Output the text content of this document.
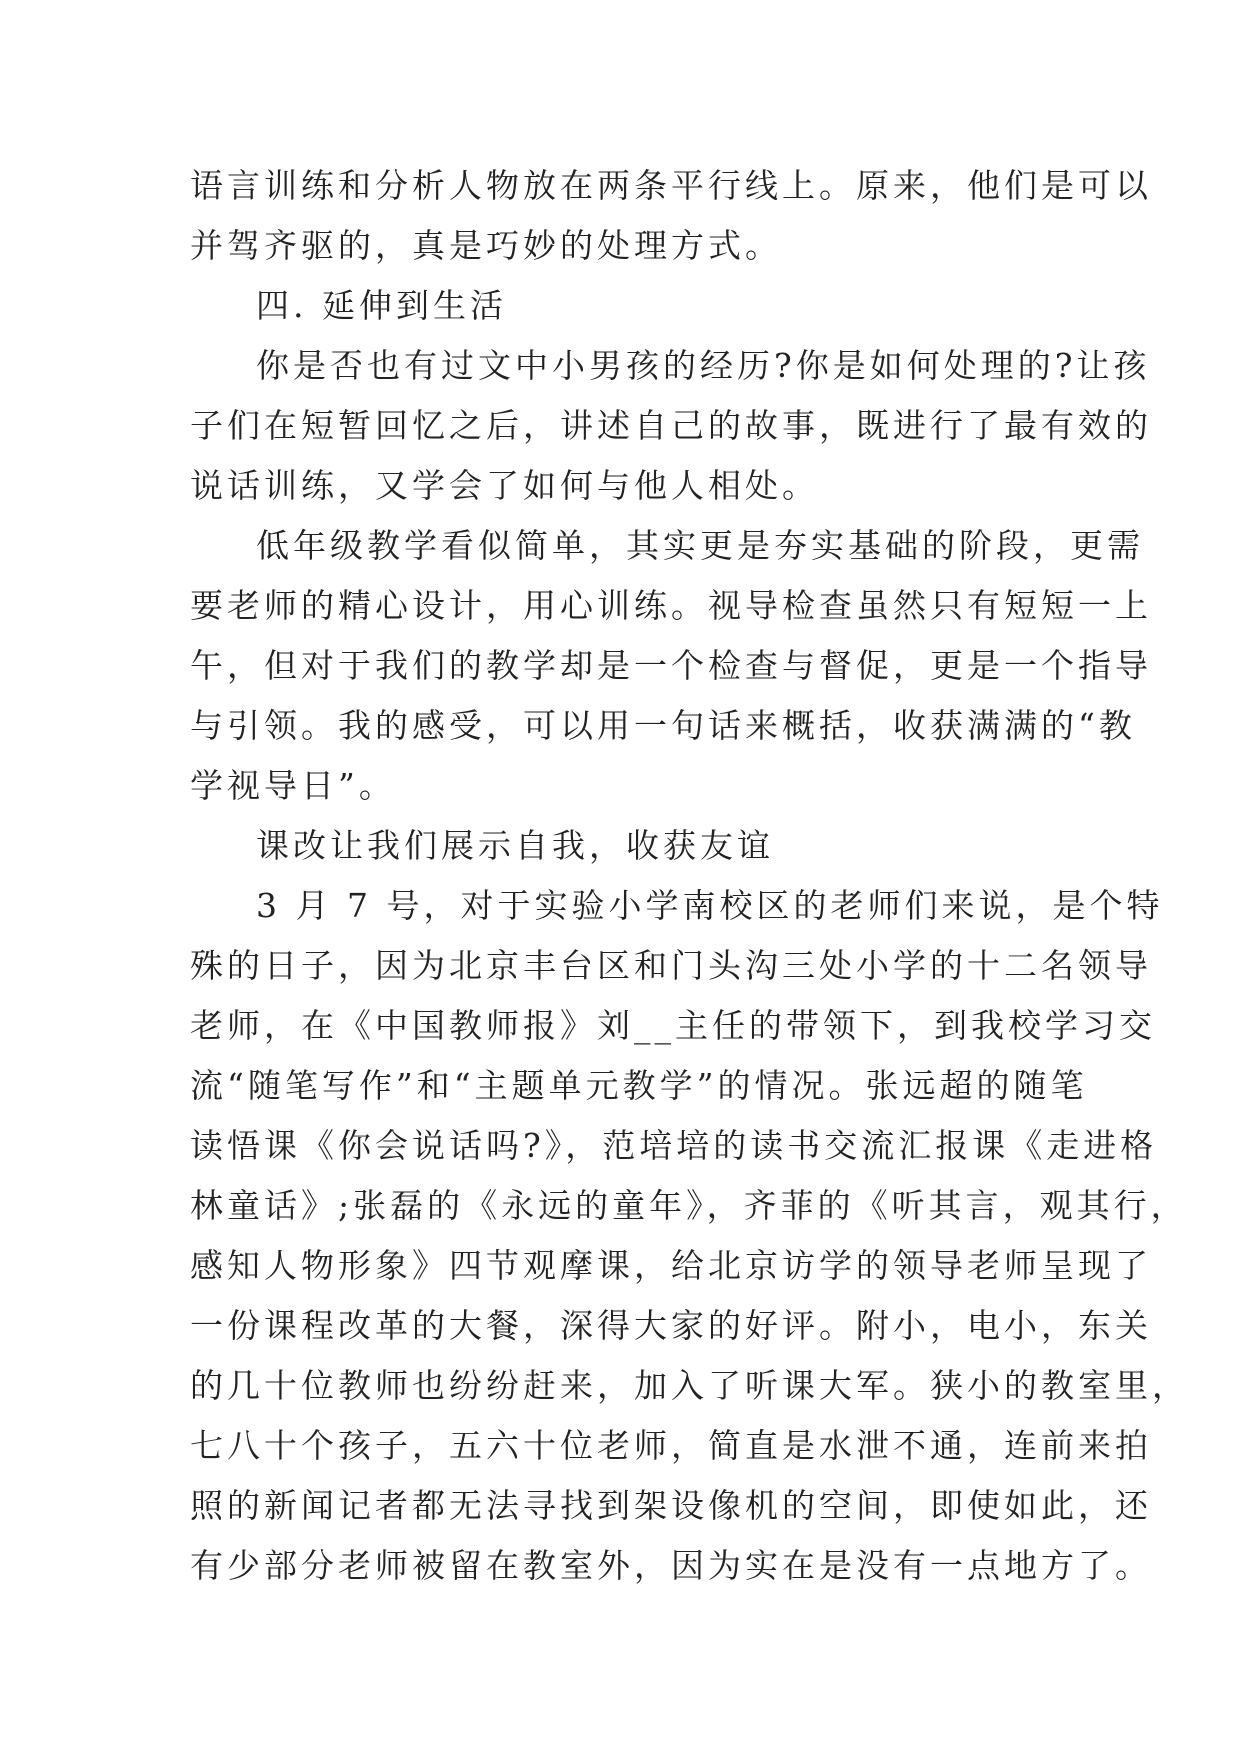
语言训练和分析人物放在两条平行线上。原来，他们是可以
并驾齐驱的，真是巧妙的处理方式。
四. 延伸到生活
你是否也有过文中小男孩的经历?你是如何处理的?让孩
子们在短暂回忆之后，讲述自己的故事，既进行了最有效的
说话训练，又学会了如何与他人相处。
低年级教学看似简单，其实更是夯实基础的阶段，更需
要老师的精心设计，用心训练。视导检查虽然只有短短一上
午，但对于我们的教学却是一个检查与督促，更是一个指导
与引领。我的感受，可以用一句话来概括，收获满满的“教
学视导日”。
课改让我们展示自我，收获友谊
3 月 7 号，对于实验小学南校区的老师们来说，是个特
殊的日子，因为北京丰台区和门头沟三处小学的十二名领导
老师，在《中国教师报》刘__主任的带领下，到我校学习交
流“随笔写作”和“主题单元教学”的情况。张远超的随笔
读悟课《你会说话吗?》，范培培的读书交流汇报课《走进格
林童话》;张磊的《永远的童年》，齐菲的《听其言，观其行，
感知人物形象》四节观摩课，给北京访学的领导老师呈现了
一份课程改革的大餐，深得大家的好评。附小，电小，东关
的几十位教师也纷纷赶来，加入了听课大军。狭小的教室里，
七八十个孩子，五六十位老师，简直是水泄不通，连前来拍
照的新闻记者都无法寻找到架设像机的空间，即使如此，还
有少部分老师被留在教室外，因为实在是没有一点地方了。
